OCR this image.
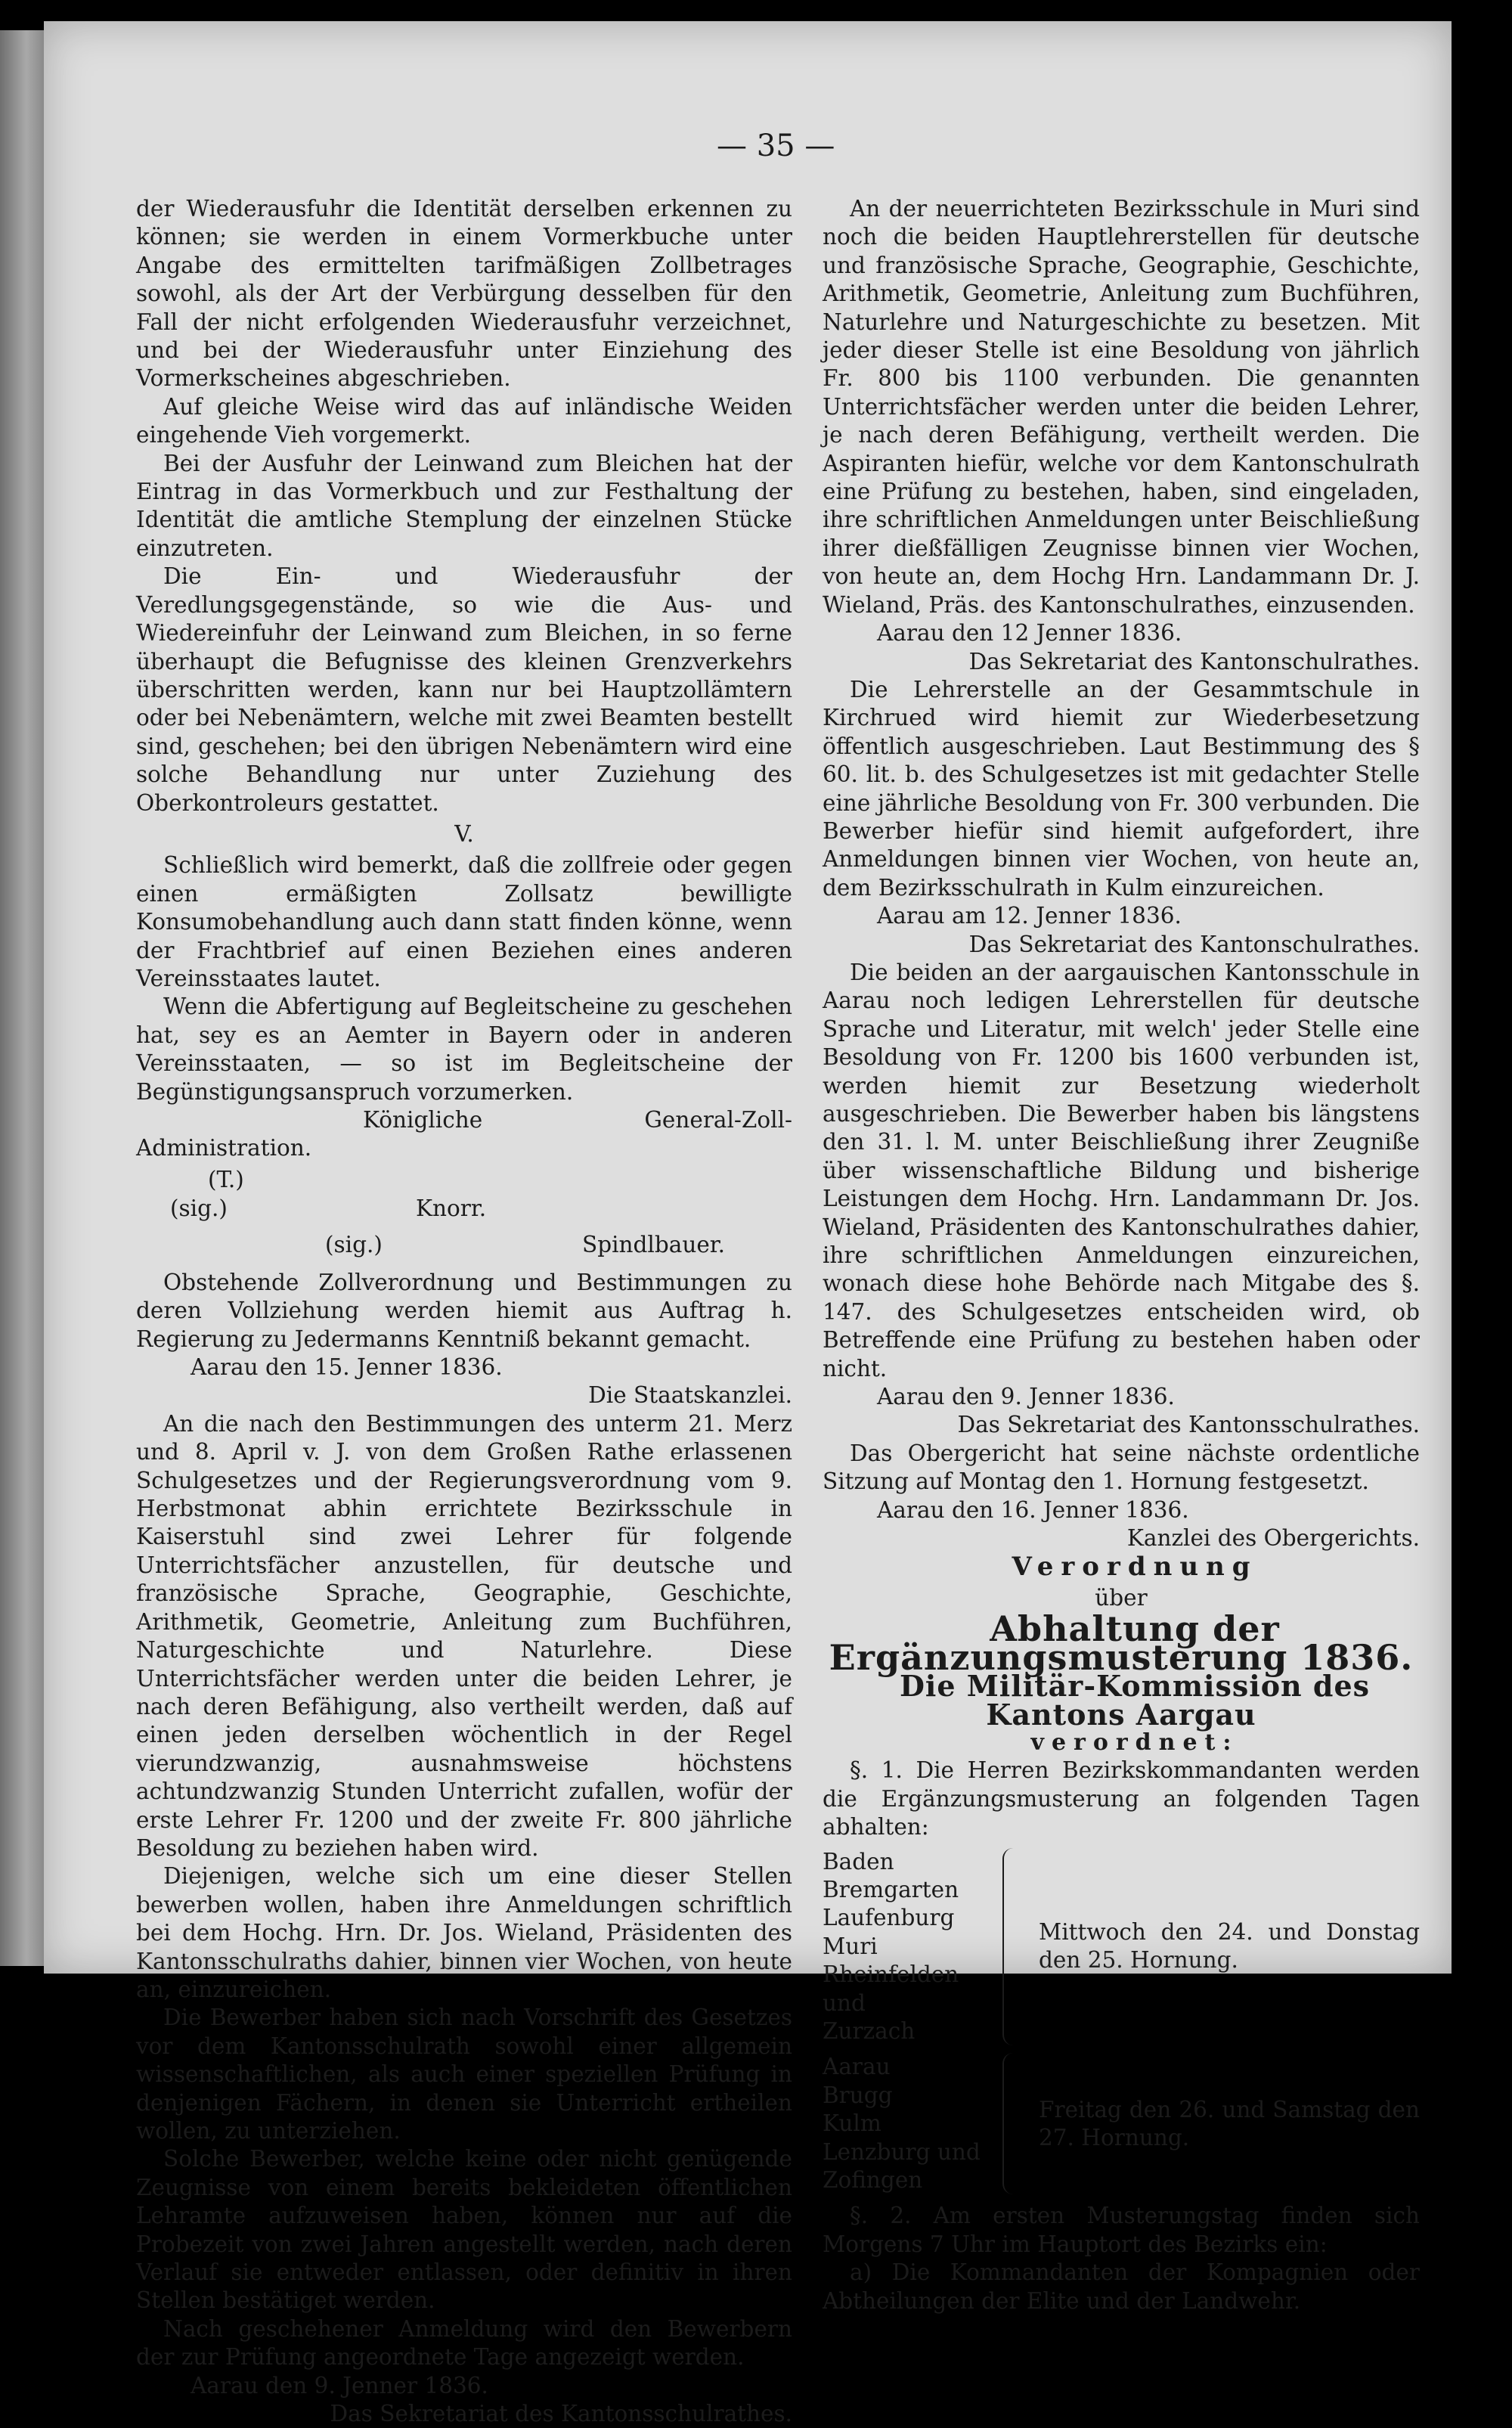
— 35 —

der Wiederausfuhr die Identität derselben erkennen zu können; sie werden in einem Vormerkbuche unter Angabe des ermittelten tarifmäßigen Zollbetrages sowohl, als der Art der Verbürgung desselben für den Fall der nicht erfolgenden Wiederausfuhr verzeichnet, und bei der Wiederausfuhr unter Einziehung des Vormerkscheines abgeschrieben.

Auf gleiche Weise wird das auf inländische Weiden eingehende Vieh vorgemerkt.

Bei der Ausfuhr der Leinwand zum Bleichen hat der Eintrag in das Vormerkbuch und zur Festhaltung der Identität die amtliche Stemplung der einzelnen Stücke einzutreten.

Die Ein- und Wiederausfuhr der Veredlungsgegenstände, so wie die Aus- und Wiedereinfuhr der Leinwand zum Bleichen, in so ferne überhaupt die Befugnisse des kleinen Grenzverkehrs überschritten werden, kann nur bei Hauptzollämtern oder bei Nebenämtern, welche mit zwei Beamten bestellt sind, geschehen; bei den übrigen Nebenämtern wird eine solche Behandlung nur unter Zuziehung des Oberkontroleurs gestattet.

V.

Schließlich wird bemerkt, daß die zollfreie oder gegen einen ermäßigten Zollsatz bewilligte Konsumobehandlung auch dann statt finden könne, wenn der Frachtbrief auf einen Beziehen eines anderen Vereinsstaates lautet.

Wenn die Abfertigung auf Begleitscheine zu geschehen hat, sey es an Aemter in Bayern oder in anderen Vereinsstaaten, — so ist im Begleitscheine der Begünstigungsanspruch vorzumerken.

Königliche General-Zoll-Administration.

(T.)
(sig.)	Knorr.
(sig.)	Spindlbauer.

Obstehende Zollverordnung und Bestimmungen zu deren Vollziehung werden hiemit aus Auftrag h. Regierung zu Jedermanns Kenntniß bekannt gemacht.

Aarau den 15. Jenner 1836.

Die Staatskanzlei.

An die nach den Bestimmungen des unterm 21. Merz und 8. April v. J. von dem Großen Rathe erlassenen Schulgesetzes und der Regierungsverordnung vom 9. Herbstmonat abhin errichtete Bezirksschule in Kaiserstuhl sind zwei Lehrer für folgende Unterrichtsfächer anzustellen, für deutsche und französische Sprache, Geographie, Geschichte, Arithmetik, Geometrie, Anleitung zum Buchführen, Naturgeschichte und Naturlehre. Diese Unterrichtsfächer werden unter die beiden Lehrer, je nach deren Befähigung, also vertheilt werden, daß auf einen jeden derselben wöchentlich in der Regel vierundzwanzig, ausnahmsweise höchstens achtundzwanzig Stunden Unterricht zufallen, wofür der erste Lehrer Fr. 1200 und der zweite Fr. 800 jährliche Besoldung zu beziehen haben wird.

Diejenigen, welche sich um eine dieser Stellen bewerben wollen, haben ihre Anmeldungen schriftlich bei dem Hochg. Hrn. Dr. Jos. Wieland, Präsidenten des Kantonsschulraths dahier, binnen vier Wochen, von heute an, einzureichen.

Die Bewerber haben sich nach Vorschrift des Gesetzes vor dem Kantonsschulrath sowohl einer allgemein wissenschaftlichen, als auch einer speziellen Prüfung in denjenigen Fächern, in denen sie Unterricht ertheilen wollen, zu unterziehen.

Solche Bewerber, welche keine oder nicht genügende Zeugnisse von einem bereits bekleideten öffentlichen Lehramte aufzuweisen haben, können nur auf die Probezeit von zwei Jahren angestellt werden, nach deren Verlauf sie entweder entlassen, oder definitiv in ihren Stellen bestätiget werden.

Nach geschehener Anmeldung wird den Bewerbern der zur Prüfung angeordnete Tage angezeigt werden.

Aarau den 9. Jenner 1836.

Das Sekretariat des Kantonsschulrathes.

An der neuerrichteten Bezirksschule in Muri sind noch die beiden Hauptlehrerstellen für deutsche und französische Sprache, Geographie, Geschichte, Arithmetik, Geometrie, Anleitung zum Buchführen, Naturlehre und Naturgeschichte zu besetzen. Mit jeder dieser Stelle ist eine Besoldung von jährlich Fr. 800 bis 1100 verbunden. Die genannten Unterrichtsfächer werden unter die beiden Lehrer, je nach deren Befähigung, vertheilt werden. Die Aspiranten hiefür, welche vor dem Kantonschulrath eine Prüfung zu bestehen, haben, sind eingeladen, ihre schriftlichen Anmeldungen unter Beischließung ihrer dießfälligen Zeugnisse binnen vier Wochen, von heute an, dem Hochg Hrn. Landammann Dr. J. Wieland, Präs. des Kantonschulrathes, einzusenden.

Aarau den 12 Jenner 1836.

Das Sekretariat des Kantonschulrathes.

Die Lehrerstelle an der Gesammtschule in Kirchrued wird hiemit zur Wiederbesetzung öffentlich ausgeschrieben. Laut Bestimmung des § 60. lit. b. des Schulgesetzes ist mit gedachter Stelle eine jährliche Besoldung von Fr. 300 verbunden. Die Bewerber hiefür sind hiemit aufgefordert, ihre Anmeldungen binnen vier Wochen, von heute an, dem Bezirksschulrath in Kulm einzureichen.

Aarau am 12. Jenner 1836.

Das Sekretariat des Kantonschulrathes.

Die beiden an der aargauischen Kantonsschule in Aarau noch ledigen Lehrerstellen für deutsche Sprache und Literatur, mit welch' jeder Stelle eine Besoldung von Fr. 1200 bis 1600 verbunden ist, werden hiemit zur Besetzung wiederholt ausgeschrieben. Die Bewerber haben bis längstens den 31. l. M. unter Beischließung ihrer Zeugniße über wissenschaftliche Bildung und bisherige Leistungen dem Hochg. Hrn. Landammann Dr. Jos. Wieland, Präsidenten des Kantonschulrathes dahier, ihre schriftlichen Anmeldungen einzureichen, wonach diese hohe Behörde nach Mitgabe des §. 147. des Schulgesetzes entscheiden wird, ob Betreffende eine Prüfung zu bestehen haben oder nicht.

Aarau den 9. Jenner 1836.

Das Sekretariat des Kantonsschulrathes.

Das Obergericht hat seine nächste ordentliche Sitzung auf Montag den 1. Hornung festgesetzt.

Aarau den 16. Jenner 1836.

Kanzlei des Obergerichts.

Verordnung

über

Abhaltung der Ergänzungsmusterung 1836.

Die Militär-Kommission des Kantons Aargau

verordnet:

§. 1. Die Herren Bezirkskommandanten werden die Ergänzungsmusterung an folgenden Tagen abhalten:

Baden
Bremgarten
Laufenburg
Muri
Rheinfelden und
Zurzach
Mittwoch den 24. und Donstag den 25. Hornung.
Aarau
Brugg
Kulm
Lenzburg und
Zofingen
Freitag den 26. und Samstag den 27. Hornung.

§. 2. Am ersten Musterungstag finden sich Morgens 7 Uhr im Hauptort des Bezirks ein:

a) Die Kommandanten der Kompagnien oder Abtheilungen der Elite und der Landwehr.
